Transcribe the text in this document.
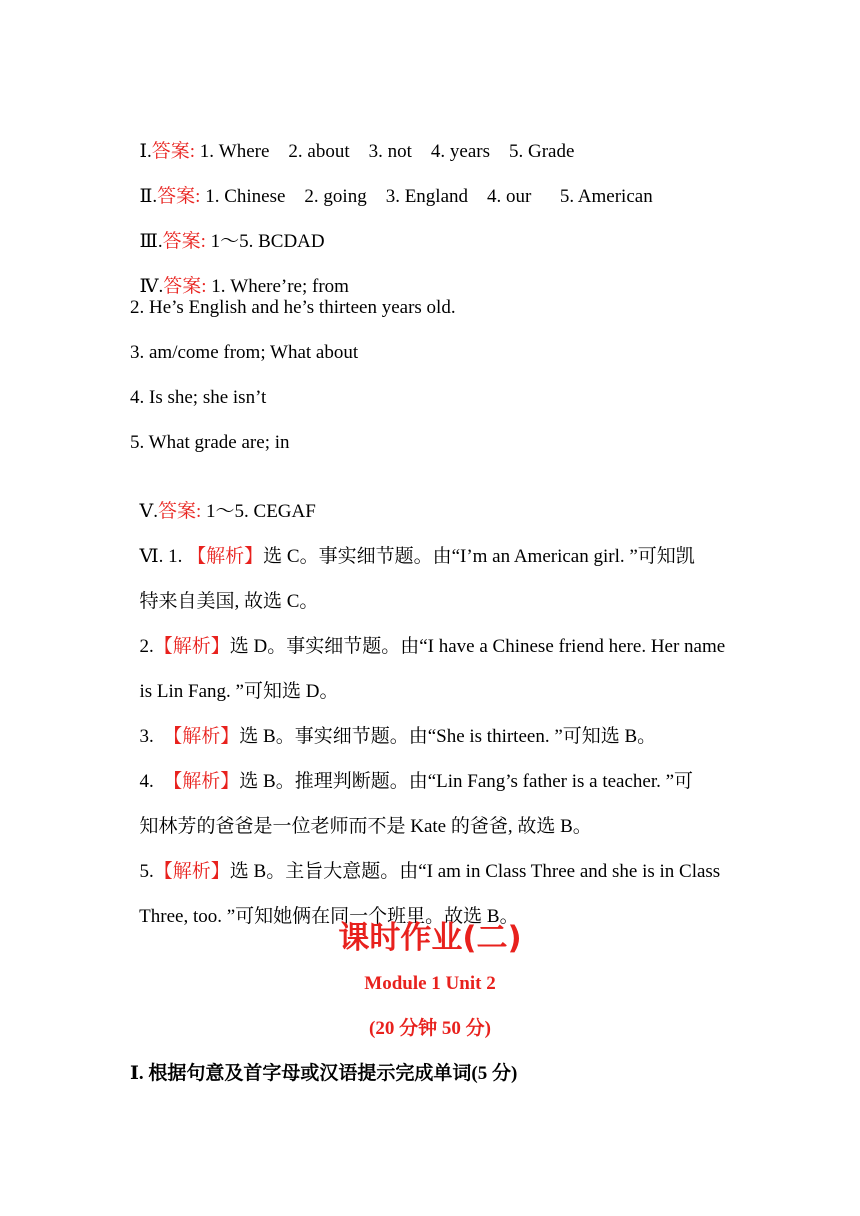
Ⅰ.答案: 1. Where    2. about    3. not    4. years    5. Grade

Ⅱ.答案: 1. Chinese    2. going    3. England    4. our      5. American

Ⅲ.答案: 1～5. BCDAD

Ⅳ.答案: 1. Where’re; from

2. He’s English and he’s thirteen years old.
3. am/come from; What about
4. Is she; she isn’t
5. What grade are; in

Ⅴ.答案: 1～5. CEGAF

Ⅵ. 1. 【解析】选 C。事实细节题。由“I’m an American girl. ”可知凯

特来自美国, 故选 C。

2.【解析】选 D。事实细节题。由“I have a Chinese friend here. Her name

is Lin Fang. ”可知选 D。

3.  【解析】选 B。事实细节题。由“She is thirteen. ”可知选 B。

4.  【解析】选 B。推理判断题。由“Lin Fang’s father is a teacher. ”可

知林芳的爸爸是一位老师而不是 Kate 的爸爸, 故选 B。

5.【解析】选 B。主旨大意题。由“I am in Class Three and she is in Class

Three, too. ”可知她俩在同一个班里。故选 B。

课时作业(二)
Module 1 Unit 2
(20 分钟 50 分)
Ⅰ. 根据句意及首字母或汉语提示完成单词(5 分)
